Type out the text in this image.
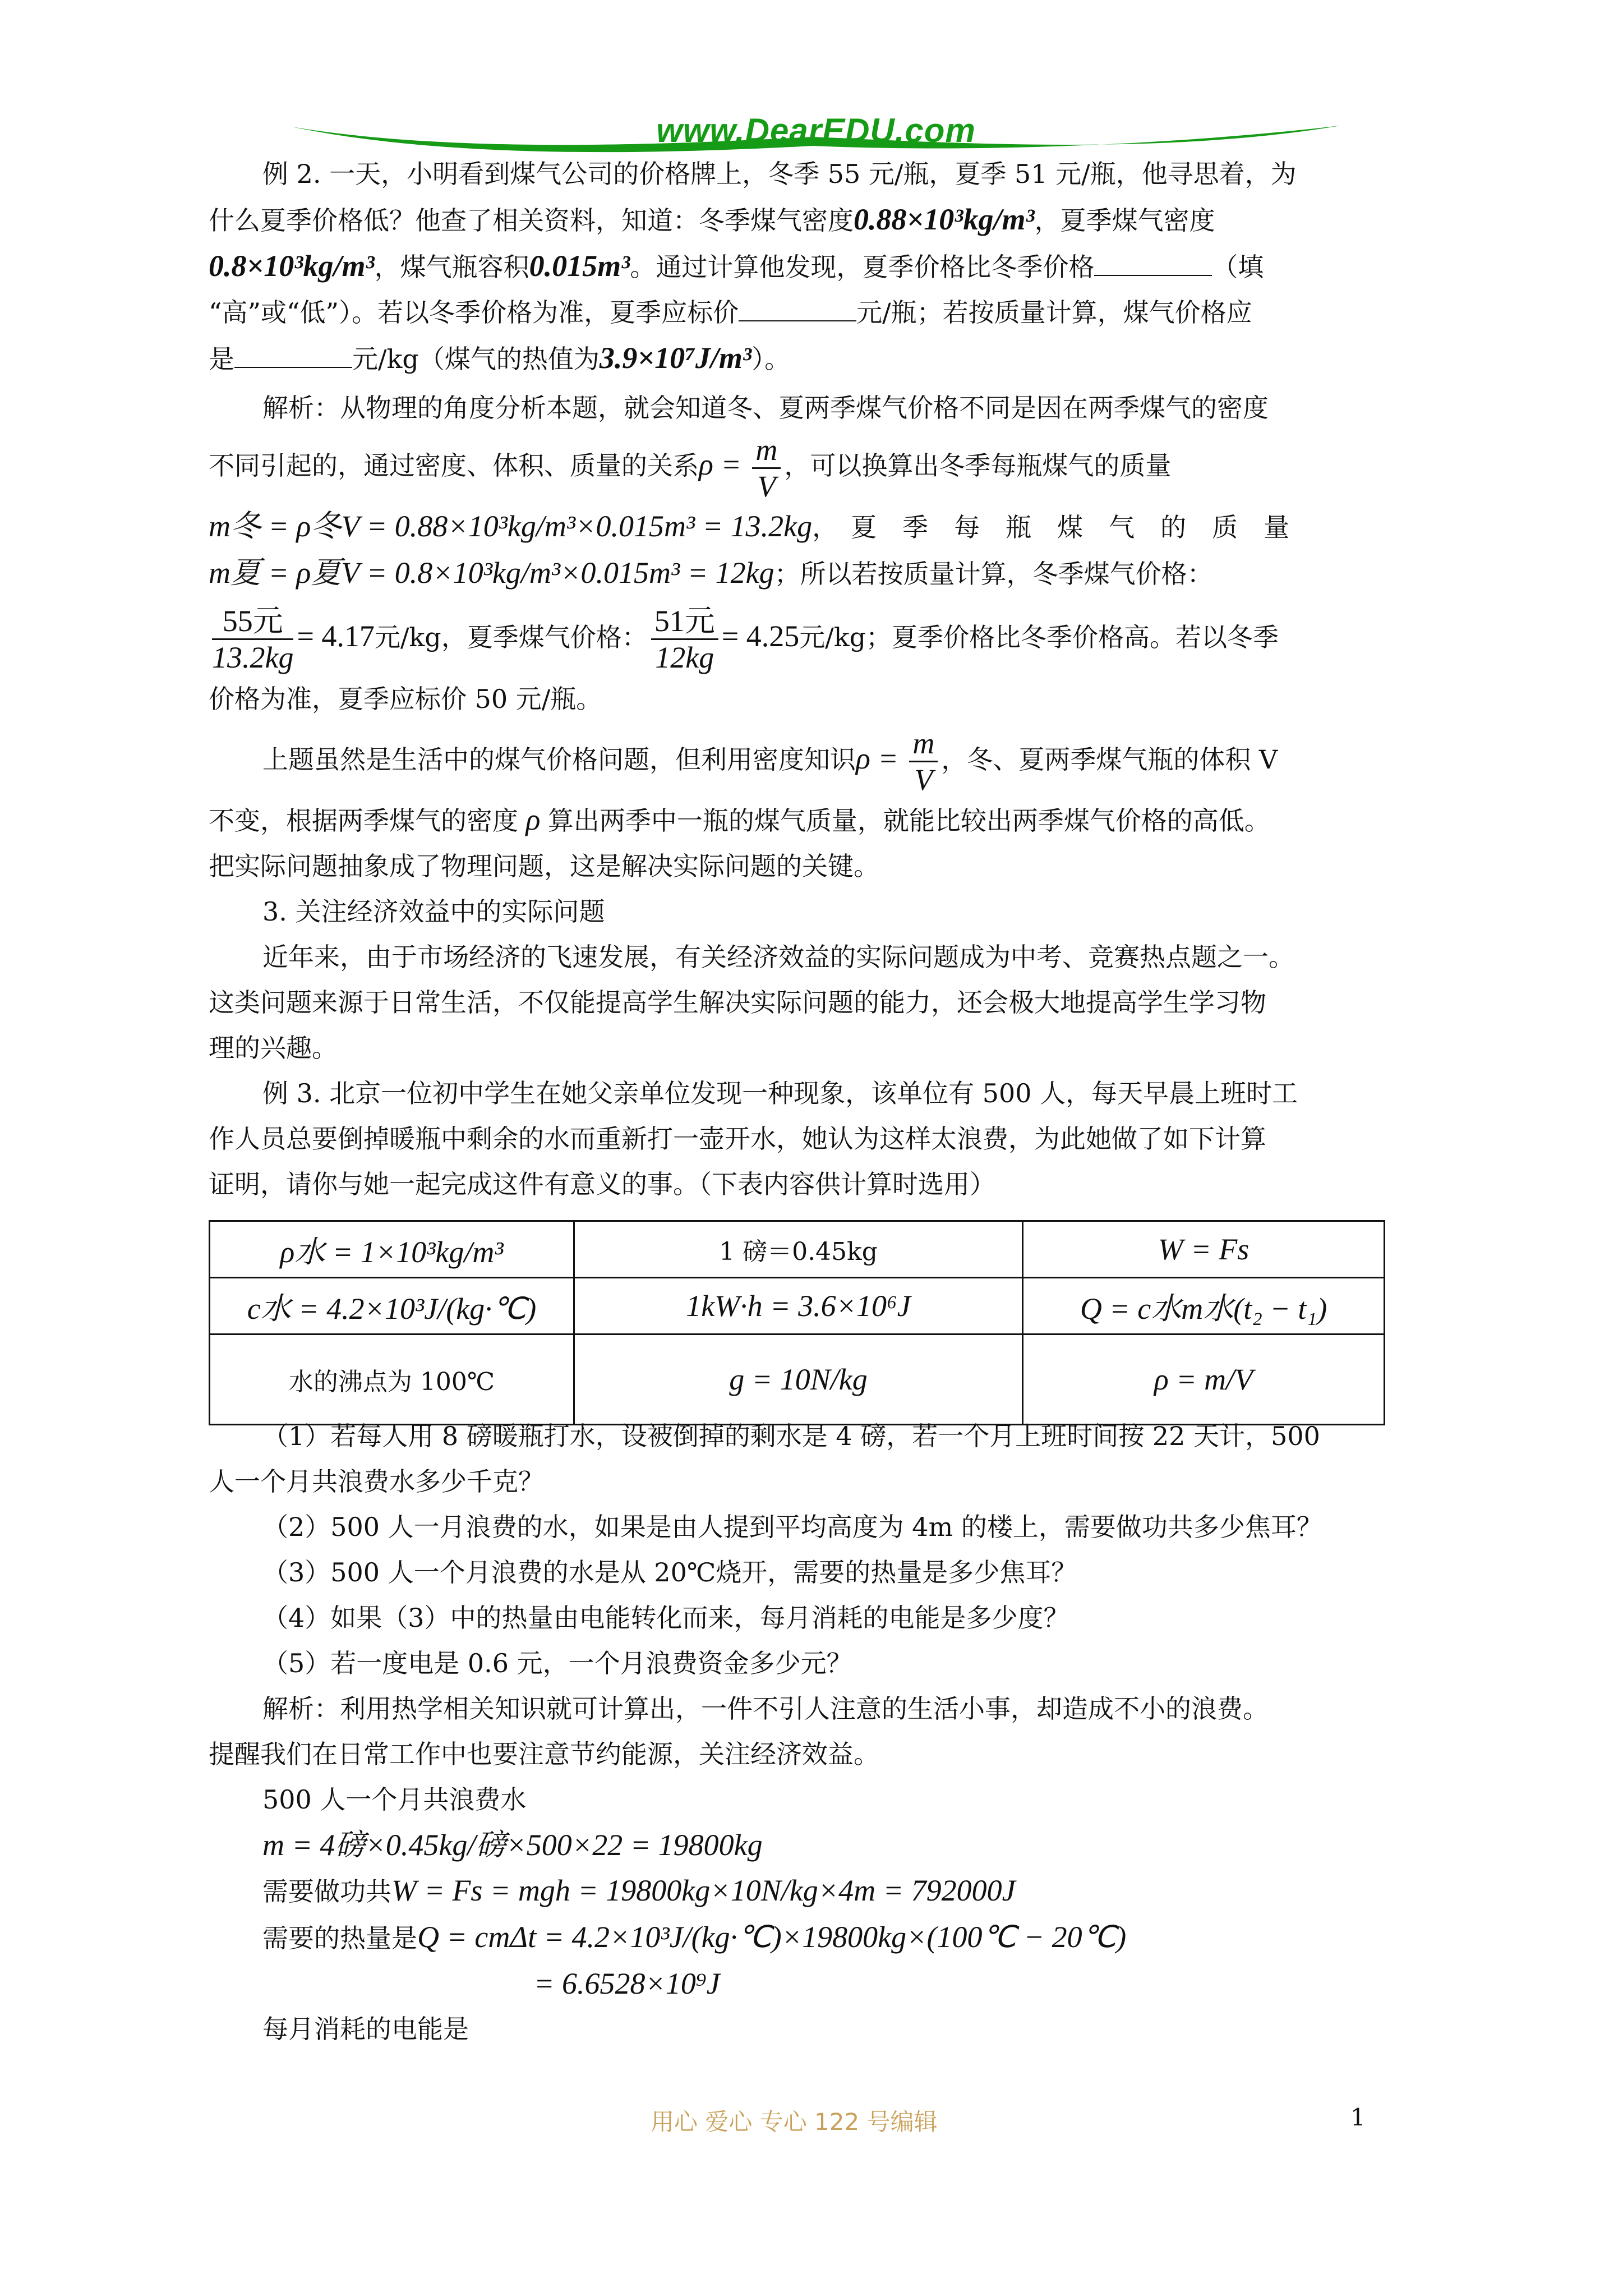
www.DearEDU.com
例 2. 一天，小明看到煤气公司的价格牌上，冬季 55 元/瓶，夏季 51 元/瓶，他寻思着，为
什么夏季价格低？他查了相关资料，知道：冬季煤气密度0.88×10³kg/m³，夏季煤气密度
0.8×10³kg/m³，煤气瓶容积0.015m³。通过计算他发现，夏季价格比冬季价格	（填
“高”或“低”）。若以冬季价格为准，夏季应标价	元/瓶；若按质量计算，煤气价格应
是	元/kg（煤气的热值为3.9×10⁷J/m³）。
解析：从物理的角度分析本题，就会知道冬、夏两季煤气价格不同是因在两季煤气的密度
不同引起的，通过密度、体积、质量的关系$\rho = \frac{m}{V}$ ，可以换算出冬季每瓶煤气的质量
m冬 = ρ冬V = 0.88×10³kg/m³×0.015m³ = 13.2kg，　夏　季　每　瓶　煤　气　的　质　量
m夏 = ρ夏V = 0.8×10³kg/m³×0.015m³ = 12kg；所以若按质量计算，冬季煤气价格：
$\frac{\text{55元}}{13.2kg} = 4.17$元/kg，夏季煤气价格： $\frac{\text{51元}}{12kg} = 4.25$元/kg；夏季价格比冬季价格高。若以冬季
价格为准，夏季应标价 50 元/瓶。
上题虽然是生活中的煤气价格问题，但利用密度知识$\rho = \frac{m}{V}$ ，冬、夏两季煤气瓶的体积 V
不变，根据两季煤气的密度 ρ 算出两季中一瓶的煤气质量，就能比较出两季煤气价格的高低。
把实际问题抽象成了物理问题，这是解决实际问题的关键。
3. 关注经济效益中的实际问题
近年来，由于市场经济的飞速发展，有关经济效益的实际问题成为中考、竞赛热点题之一。
这类问题来源于日常生活，不仅能提高学生解决实际问题的能力，还会极大地提高学生学习物
理的兴趣。
例 3. 北京一位初中学生在她父亲单位发现一种现象，该单位有 500 人，每天早晨上班时工
作人员总要倒掉暖瓶中剩余的水而重新打一壶开水，她认为这样太浪费，为此她做了如下计算
证明，请你与她一起完成这件有意义的事。（下表内容供计算时选用）
ρ水 = 1×10³kg/m³	1 磅＝0.45kg	W = Fs
c水 = 4.2×10³J/(kg·℃)	1kW·h = 3.6×10⁶J	Q = c水m水(t₂ − t₁)
水的沸点为 100℃	g = 10N/kg	ρ = m/V
（1）若每人用 8 磅暖瓶打水，设被倒掉的剩水是 4 磅，若一个月上班时间按 22 天计，500
人一个月共浪费水多少千克？
（2）500 人一月浪费的水，如果是由人提到平均高度为 4m 的楼上，需要做功共多少焦耳？
（3）500 人一个月浪费的水是从 20℃烧开，需要的热量是多少焦耳？
（4）如果（3）中的热量由电能转化而来，每月消耗的电能是多少度？
（5）若一度电是 0.6 元，一个月浪费资金多少元？
解析：利用热学相关知识就可计算出，一件不引人注意的生活小事，却造成不小的浪费。
提醒我们在日常工作中也要注意节约能源，关注经济效益。
500 人一个月共浪费水
m = 4磅×0.45kg/磅×500×22 = 19800kg
需要做功共W = Fs = mgh = 19800kg×10N/kg×4m = 792000J
需要的热量是Q = cmΔt = 4.2×10³J/(kg·℃)×19800kg×(100℃ − 20℃)
= 6.6528×10⁹J
每月消耗的电能是
用心 爱心 专心 122 号编辑	1
